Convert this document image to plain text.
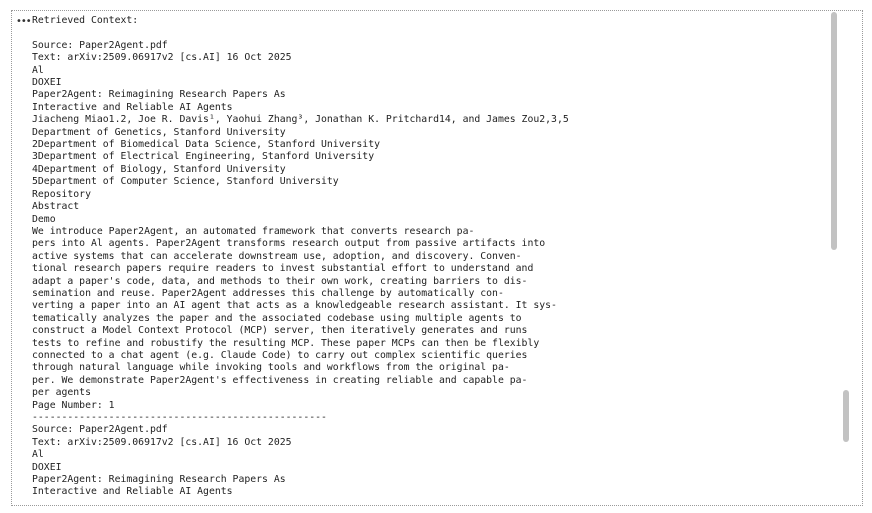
••• Retrieved Context:

Source: Paper2Agent.pdf
Text: arXiv:2509.06917v2 [cs.AI] 16 Oct 2025
Al
DOXEI
Paper2Agent: Reimagining Research Papers As
Interactive and Reliable AI Agents
Jiacheng Miao1.2, Joe R. Davis¹, Yaohui Zhang³, Jonathan K. Pritchard14, and James Zou2,3,5
Department of Genetics, Stanford University
2Department of Biomedical Data Science, Stanford University
3Department of Electrical Engineering, Stanford University
4Department of Biology, Stanford University
5Department of Computer Science, Stanford University
Repository
Abstract
Demo
We introduce Paper2Agent, an automated framework that converts research pa-
pers into Al agents. Paper2Agent transforms research output from passive artifacts into
active systems that can accelerate downstream use, adoption, and discovery. Conven-
tional research papers require readers to invest substantial effort to understand and
adapt a paper's code, data, and methods to their own work, creating barriers to dis-
semination and reuse. Paper2Agent addresses this challenge by automatically con-
verting a paper into an AI agent that acts as a knowledgeable research assistant. It sys-
tematically analyzes the paper and the associated codebase using multiple agents to
construct a Model Context Protocol (MCP) server, then iteratively generates and runs
tests to refine and robustify the resulting MCP. These paper MCPs can then be flexibly
connected to a chat agent (e.g. Claude Code) to carry out complex scientific queries
through natural language while invoking tools and workflows from the original pa-
per. We demonstrate Paper2Agent's effectiveness in creating reliable and capable pa-
per agents
Page Number: 1
--------------------------------------------------
Source: Paper2Agent.pdf
Text: arXiv:2509.06917v2 [cs.AI] 16 Oct 2025
Al
DOXEI
Paper2Agent: Reimagining Research Papers As
Interactive and Reliable AI Agents
